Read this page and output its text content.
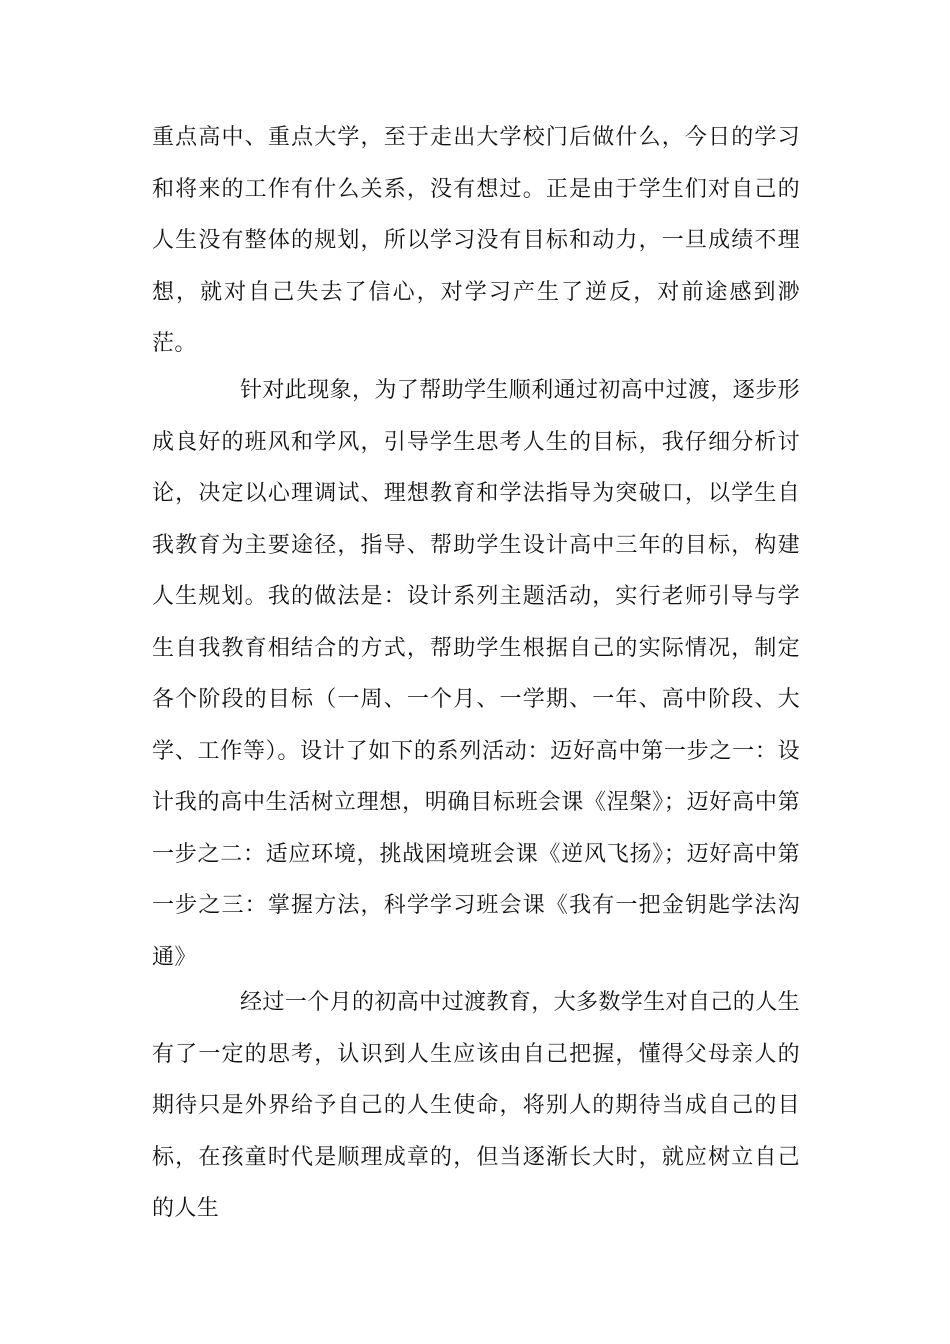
重点高中、重点大学，至于走出大学校门后做什么，今日的学习和将来的工作有什么关系，没有想过。正是由于学生们对自己的人生没有整体的规划，所以学习没有目标和动力，一旦成绩不理想，就对自己失去了信心，对学习产生了逆反，对前途感到渺茫。

针对此现象，为了帮助学生顺利通过初高中过渡，逐步形成良好的班风和学风，引导学生思考人生的目标，我仔细分析讨论，决定以心理调试、理想教育和学法指导为突破口，以学生自我教育为主要途径，指导、帮助学生设计高中三年的目标，构建人生规划。我的做法是：设计系列主题活动，实行老师引导与学生自我教育相结合的方式，帮助学生根据自己的实际情况，制定各个阶段的目标（一周、一个月、一学期、一年、高中阶段、大学、工作等）。设计了如下的系列活动：迈好高中第一步之一：设计我的高中生活树立理想，明确目标班会课《涅槃》；迈好高中第一步之二：适应环境，挑战困境班会课《逆风飞扬》；迈好高中第一步之三：掌握方法，科学学习班会课《我有一把金钥匙学法沟通》

经过一个月的初高中过渡教育，大多数学生对自己的人生有了一定的思考，认识到人生应该由自己把握，懂得父母亲人的期待只是外界给予自己的人生使命，将别人的期待当成自己的目标，在孩童时代是顺理成章的，但当逐渐长大时，就应树立自己的人生
